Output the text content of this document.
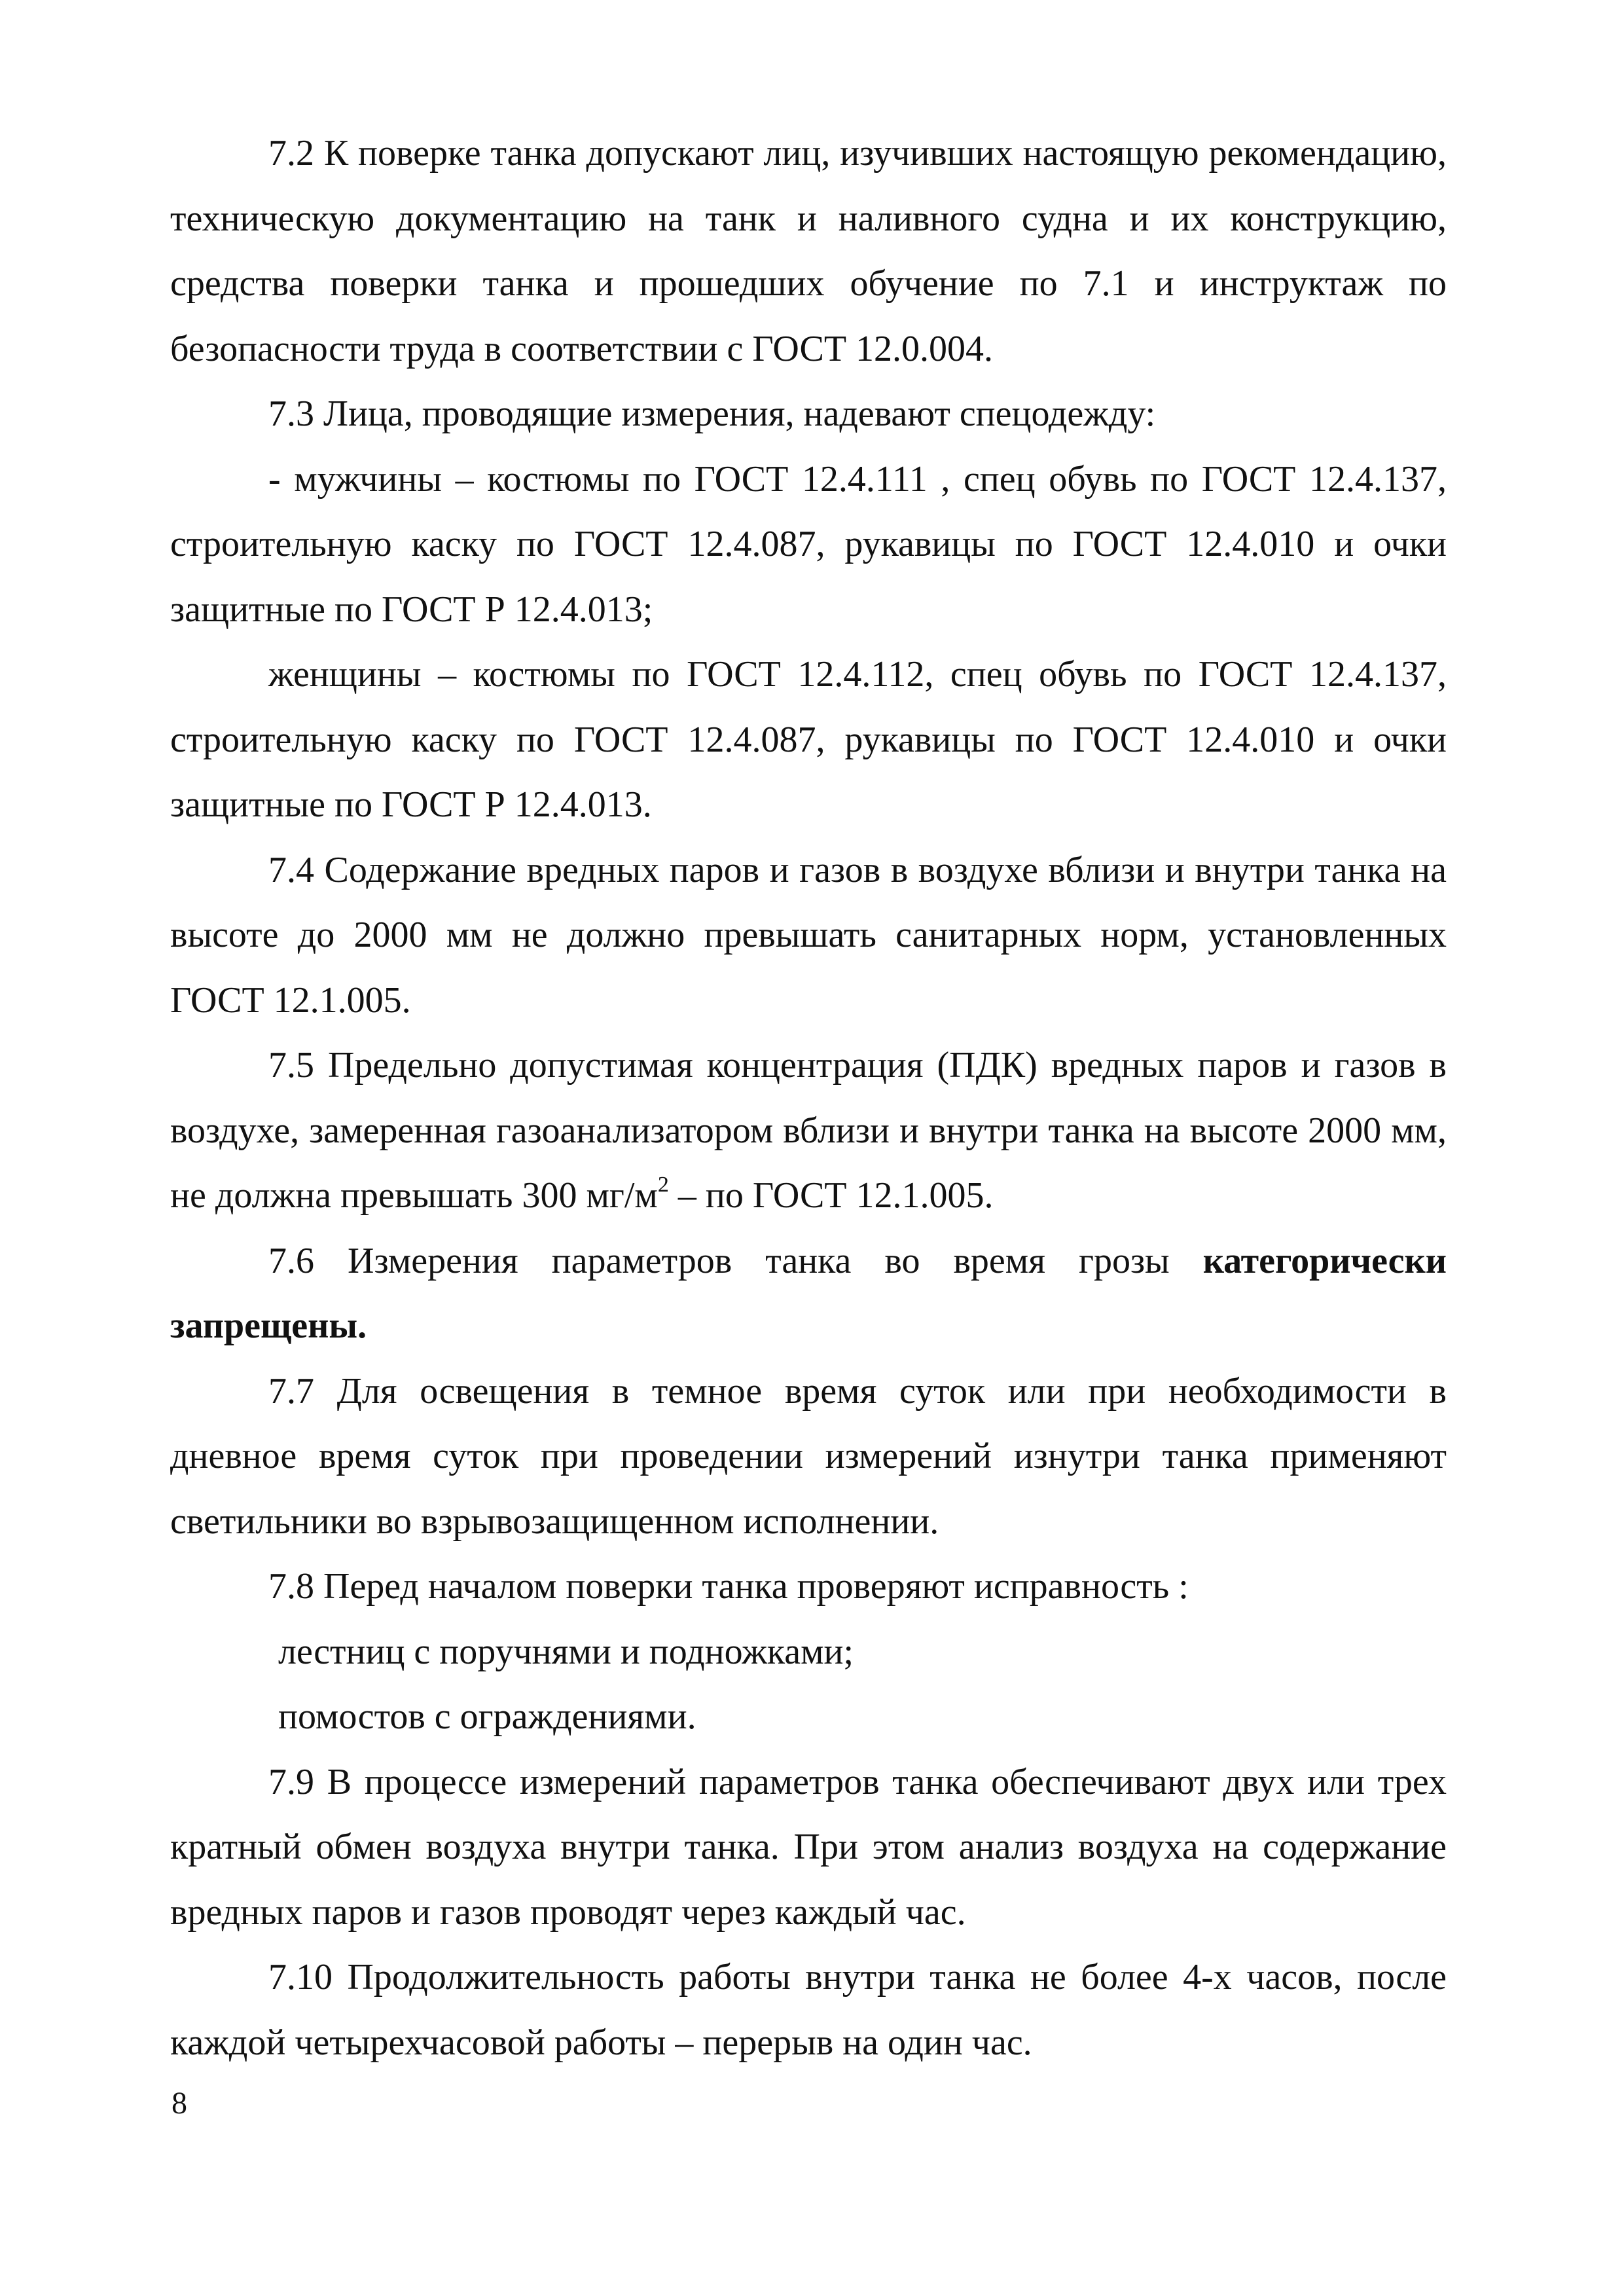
7.2 К поверке танка допускают лиц, изучивших настоящую рекомендацию, техническую документацию на танк и наливного судна и их конструкцию, средства поверки танка и прошедших обучение по 7.1 и инструктаж по безопасности труда в соответствии с ГОСТ 12.0.004.

7.3 Лица, проводящие измерения, надевают спецодежду:

- мужчины – костюмы по ГОСТ 12.4.111 , спец обувь по ГОСТ 12.4.137, строительную каску по ГОСТ 12.4.087, рукавицы по ГОСТ 12.4.010 и очки защитные по ГОСТ Р 12.4.013;

женщины – костюмы по ГОСТ 12.4.112, спец обувь по ГОСТ 12.4.137, строительную каску по ГОСТ 12.4.087, рукавицы по ГОСТ 12.4.010 и очки защитные по ГОСТ Р 12.4.013.

7.4 Содержание вредных паров и газов в воздухе вблизи и внутри танка на высоте до 2000 мм не должно превышать санитарных норм, установленных ГОСТ 12.1.005.

7.5 Предельно допустимая концентрация (ПДК) вредных паров и газов в воздухе, замеренная газоанализатором вблизи и внутри танка на высоте 2000 мм, не должна превышать 300 $мг/м^2$ – по ГОСТ 12.1.005.

7.6 Измерения параметров танка во время грозы категорически запрещены.

7.7 Для освещения в темное время суток или при необходимости в дневное время суток при проведении измерений изнутри танка применяют светильники во взрывозащищенном исполнении.

7.8 Перед началом поверки танка проверяют исправность :

лестниц с поручнями и подножками;

помостов с ограждениями.

7.9 В процессе измерений параметров танка обеспечивают двух или трех кратный обмен воздуха внутри танка. При этом анализ воздуха на содержание вредных паров и газов проводят через каждый час.

7.10 Продолжительность работы внутри танка не более 4-х часов, после каждой четырехчасовой работы – перерыв на один час.

8
